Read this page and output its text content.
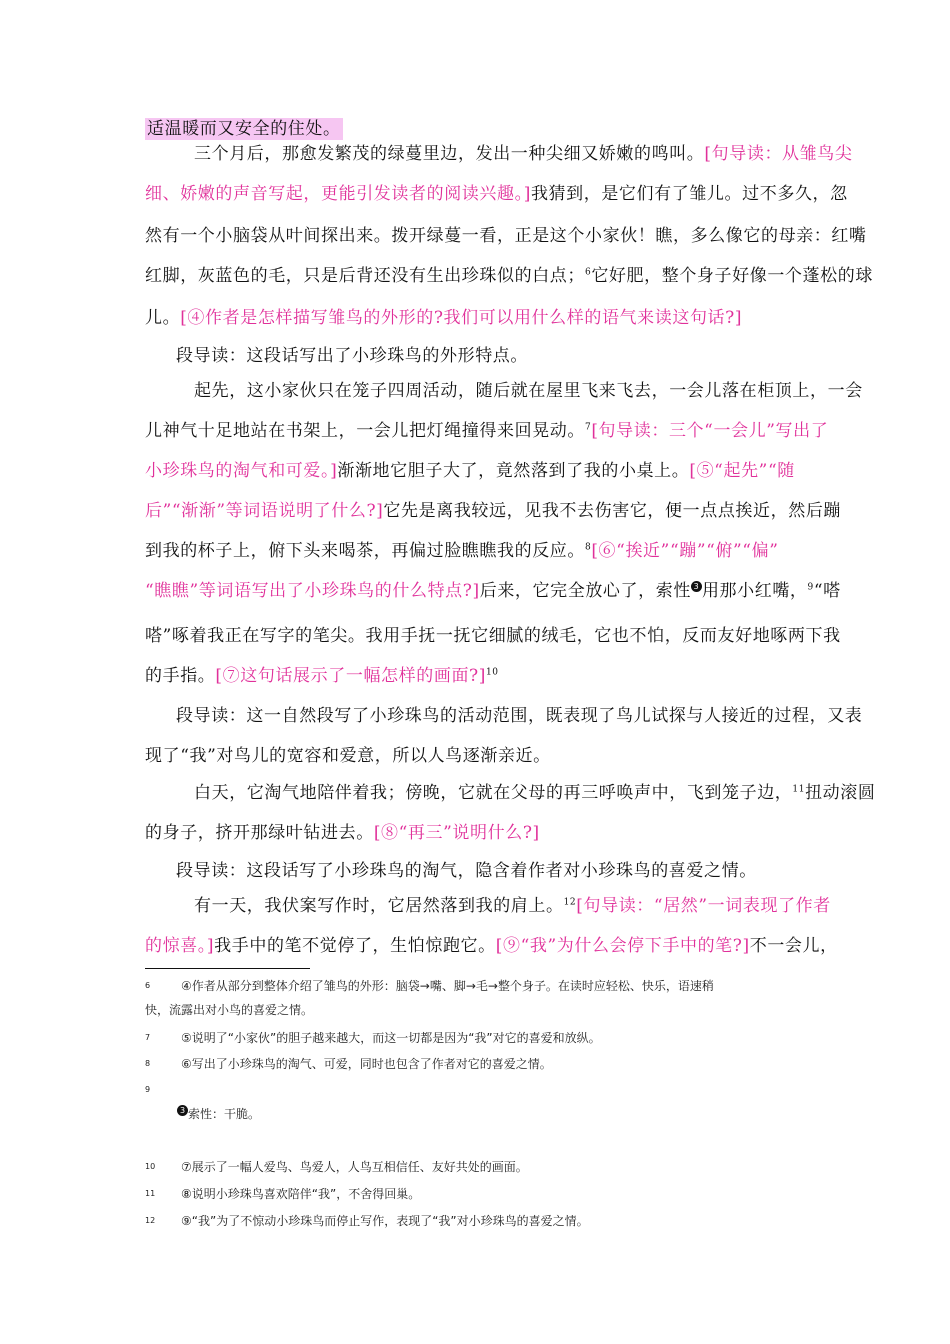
适温暖而又安全的住处。
三个月后，那愈发繁茂的绿蔓里边，发出一种尖细又娇嫩的鸣叫。[句导读：从雏鸟尖
细、娇嫩的声音写起，更能引发读者的阅读兴趣。]我猜到，是它们有了雏儿。过不多久，忽
然有一个小脑袋从叶间探出来。拨开绿蔓一看，正是这个小家伙！瞧，多么像它的母亲：红嘴
红脚，灰蓝色的毛，只是后背还没有生出珍珠似的白点；$^6$它好肥，整个身子好像一个蓬松的球
儿。[④作者是怎样描写雏鸟的外形的?我们可以用什么样的语气来读这句话?]
段导读：这段话写出了小珍珠鸟的外形特点。
起先，这小家伙只在笼子四周活动，随后就在屋里飞来飞去，一会儿落在柜顶上，一会
儿神气十足地站在书架上，一会儿把灯绳撞得来回晃动。$^7$[句导读：三个“一会儿”写出了
小珍珠鸟的淘气和可爱。]渐渐地它胆子大了，竟然落到了我的小桌上。[⑤“起先”“随
后”“渐渐”等词语说明了什么?]它先是离我较远，见我不去伤害它，便一点点挨近，然后蹦
到我的杯子上，俯下头来喝茶，再偏过脸瞧瞧我的反应。$^8$[⑥“挨近”“蹦”“俯”“偏”
“瞧瞧”等词语写出了小珍珠鸟的什么特点?]后来，它完全放心了，索性 3 用那小红嘴，$^9$“嗒
嗒”啄着我正在写字的笔尖。我用手抚一抚它细腻的绒毛，它也不怕，反而友好地啄两下我
的手指。[⑦这句话展示了一幅怎样的画面?]$^{10}$
段导读：这一自然段写了小珍珠鸟的活动范围，既表现了鸟儿试探与人接近的过程，又表
现了“我”对鸟儿的宽容和爱意，所以人鸟逐渐亲近。
白天，它淘气地陪伴着我；傍晚，它就在父母的再三呼唤声中，飞到笼子边，$^{11}$扭动滚圆
的身子，挤开那绿叶钻进去。[⑧“再三”说明什么?]
段导读：这段话写了小珍珠鸟的淘气，隐含着作者对小珍珠鸟的喜爱之情。
有一天，我伏案写作时，它居然落到我的肩上。$^{12}$[句导读：“居然”一词表现了作者
的惊喜。]我手中的笔不觉停了，生怕惊跑它。[⑨“我”为什么会停下手中的笔?]不一会儿，
6	④作者从部分到整体介绍了雏鸟的外形：脑袋→嘴、脚→毛→整个身子。在读时应轻松、快乐，语速稍
快，流露出对小鸟的喜爱之情。
7	⑤说明了“小家伙”的胆子越来越大，而这一切都是因为“我”对它的喜爱和放纵。
8	⑥写出了小珍珠鸟的淘气、可爱，同时也包含了作者对它的喜爱之情。
9
3 索性：干脆。
10 ⑦展示了一幅人爱鸟、鸟爱人，人鸟互相信任、友好共处的画面。
11 ⑧说明小珍珠鸟喜欢陪伴“我”，不舍得回巢。
12 ⑨“我”为了不惊动小珍珠鸟而停止写作，表现了“我”对小珍珠鸟的喜爱之情。
